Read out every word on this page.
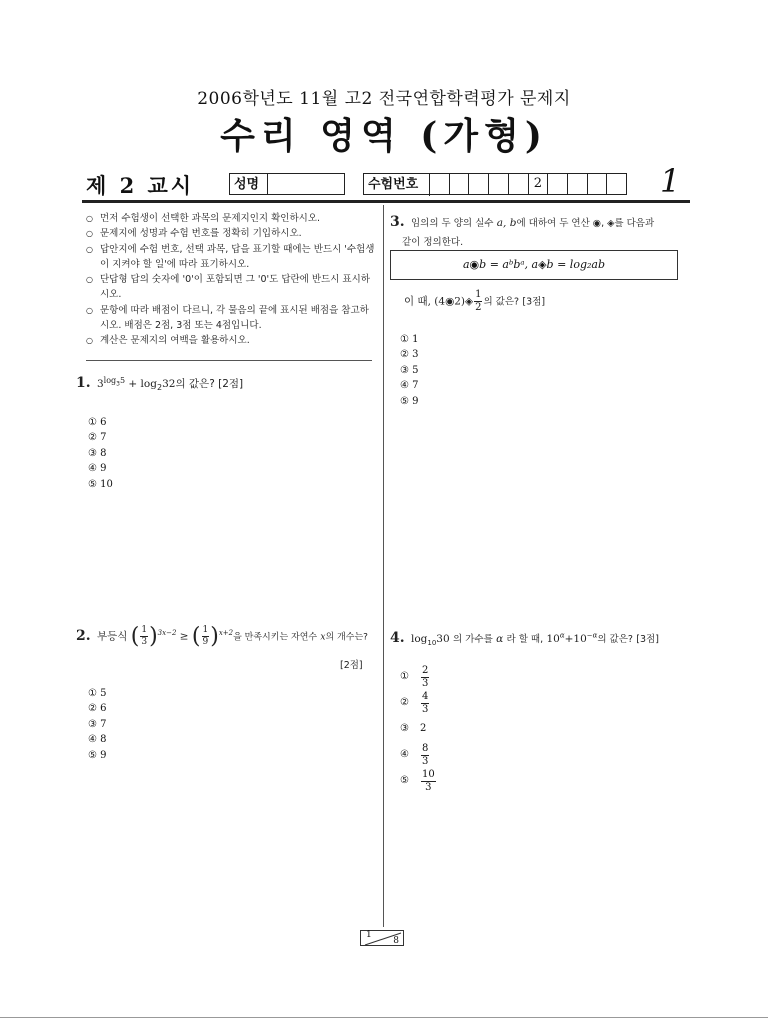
2006학년도 11월 고2 전국연합학력평가 문제지
수리 영역 (가형)
제 2 교시	성명	수험번호	2	1
○ 먼저 수험생이 선택한 과목의 문제지인지 확인하시오.
○ 문제지에 성명과 수험 번호를 정확히 기입하시오.
○ 답안지에 수험 번호, 선택 과목, 답을 표기할 때에는 반드시 '수험생이 지켜야 할 일'에 따라 표기하시오.
○ 단답형 답의 숫자에 '0'이 포함되면 그 '0'도 답란에 반드시 표시하시오.
○ 문항에 따라 배점이 다르니, 각 물음의 끝에 표시된 배점을 참고하시오. 배점은 2점, 3점 또는 4점입니다.
○ 계산은 문제지의 여백을 활용하시오.
1. $3^{log_35} + \log_232$의 값은? [2점]
① 6
② 7
③ 8
④ 9
⑤ 10
2. 부등식 ( $\frac{1}{3} )^{3x-2}$ ≥ ( $\frac{1}{9} )^{x+2}$을 만족시키는 자연수 x의 개수는?
[2점]
① 5
② 6
③ 7
④ 8
⑤ 9
3. 임의의 두 양의 실수 a, b에 대하여 두 연산 ◉, ◈를 다음과
같이 정의한다.
a◉b = aᵇbᵃ, a◈b = log₂ab
이 때, (4◉2)◈ $\frac{1}{2}$ 의 값은? [3점]
① 1
② 3
③ 5
④ 7
⑤ 9
4. $\log_{10}30$ 의 가수를 α 라 할 때, $10^\alpha+10^{-\alpha}$의 값은? [3점]
①	$\frac{2}{3}$
②	$\frac{4}{3}$
③	2
④	$\frac{8}{3}$
⑤	$\frac{10}{3}$
1
8
